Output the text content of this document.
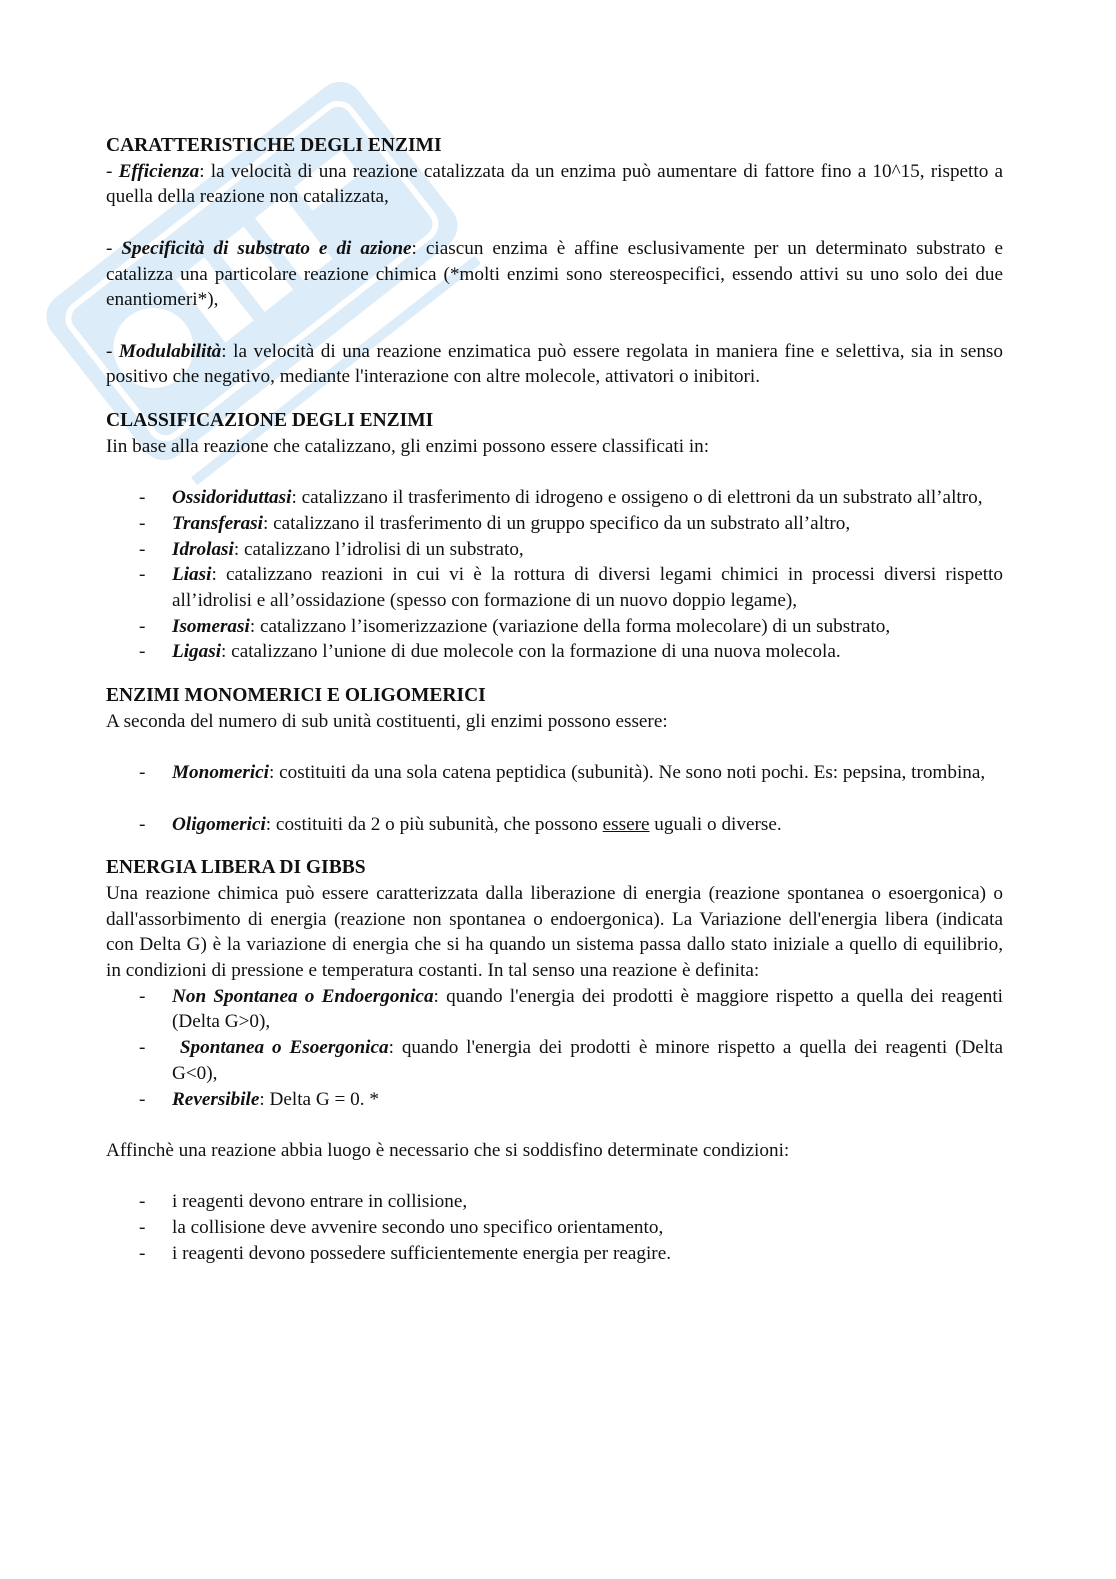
CARATTERISTICHE DEGLI ENZIMI

- Efficienza: la velocità di una reazione catalizzata da un enzima può aumentare di fattore fino a 10^15, rispetto a quella della reazione non catalizzata,

- Specificità di substrato e di azione: ciascun enzima è affine esclusivamente per un determinato substrato e catalizza una particolare reazione chimica (*molti enzimi sono stereospecifici, essendo attivi su uno solo dei due enantiomeri*),

- Modulabilità: la velocità di una reazione enzimatica può essere regolata in maniera fine e selettiva, sia in senso positivo che negativo, mediante l'interazione con altre molecole, attivatori o inibitori.

CLASSIFICAZIONE DEGLI ENZIMI

Iin base alla reazione che catalizzano, gli enzimi possono essere classificati in:

- Ossidoriduttasi: catalizzano il trasferimento di idrogeno e ossigeno o di elettroni da un substrato all’altro,
- Transferasi: catalizzano il trasferimento di un gruppo specifico da un substrato all’altro,
- Idrolasi: catalizzano l’idrolisi di un substrato,
- Liasi: catalizzano reazioni in cui vi è la rottura di diversi legami chimici in processi diversi rispetto all’idrolisi e all’ossidazione (spesso con formazione di un nuovo doppio legame),
- Isomerasi: catalizzano l’isomerizzazione (variazione della forma molecolare) di un substrato,
- Ligasi: catalizzano l’unione di due molecole con la formazione di una nuova molecola.
ENZIMI MONOMERICI E OLIGOMERICI

A seconda del numero di sub unità costituenti, gli enzimi possono essere:

- Monomerici: costituiti da una sola catena peptidica (subunità). Ne sono noti pochi. Es: pepsina, trombina,
- Oligomerici: costituiti da 2 o più subunità, che possono essere uguali o diverse.
ENERGIA LIBERA DI GIBBS

Una reazione chimica può essere caratterizzata dalla liberazione di energia (reazione spontanea o esoergonica) o dall'assorbimento di energia (reazione non spontanea o endoergonica). La Variazione dell'energia libera (indicata con Delta G) è la variazione di energia che si ha quando un sistema passa dallo stato iniziale a quello di equilibrio, in condizioni di pressione e temperatura costanti. In tal senso una reazione è definita:

- Non Spontanea o Endoergonica: quando l'energia dei prodotti è maggiore rispetto a quella dei reagenti (Delta G>0),
- Spontanea o Esoergonica: quando l'energia dei prodotti è minore rispetto a quella dei reagenti (Delta G<0),
- Reversibile: Delta G = 0. *

Affinchè una reazione abbia luogo è necessario che si soddisfino determinate condizioni:

- i reagenti devono entrare in collisione,
- la collisione deve avvenire secondo uno specifico orientamento,
- i reagenti devono possedere sufficientemente energia per reagire.
